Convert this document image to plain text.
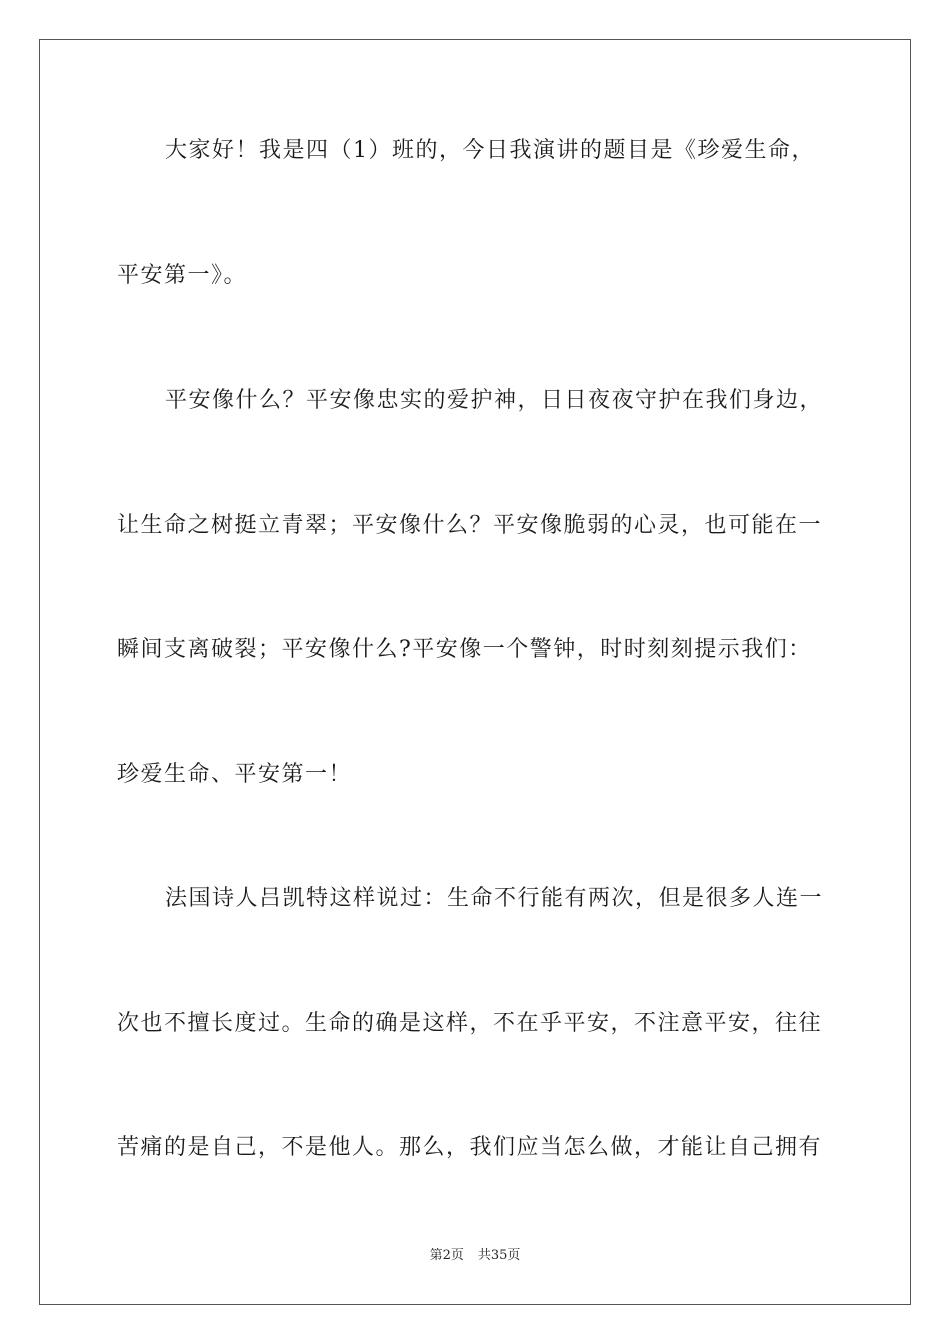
大家好！我是四（1）班的，今日我演讲的题目是《珍爱生命，
平安第一》。
平安像什么？平安像忠实的爱护神，日日夜夜守护在我们身边，
让生命之树挺立青翠；平安像什么？平安像脆弱的心灵，也可能在一
瞬间支离破裂；平安像什么?平安像一个警钟，时时刻刻提示我们：
珍爱生命、平安第一！
法国诗人吕凯特这样说过：生命不行能有两次，但是很多人连一
次也不擅长度过。生命的确是这样，不在乎平安，不注意平安，往往
苦痛的是自己，不是他人。那么，我们应当怎么做，才能让自己拥有
第2页 共35页
